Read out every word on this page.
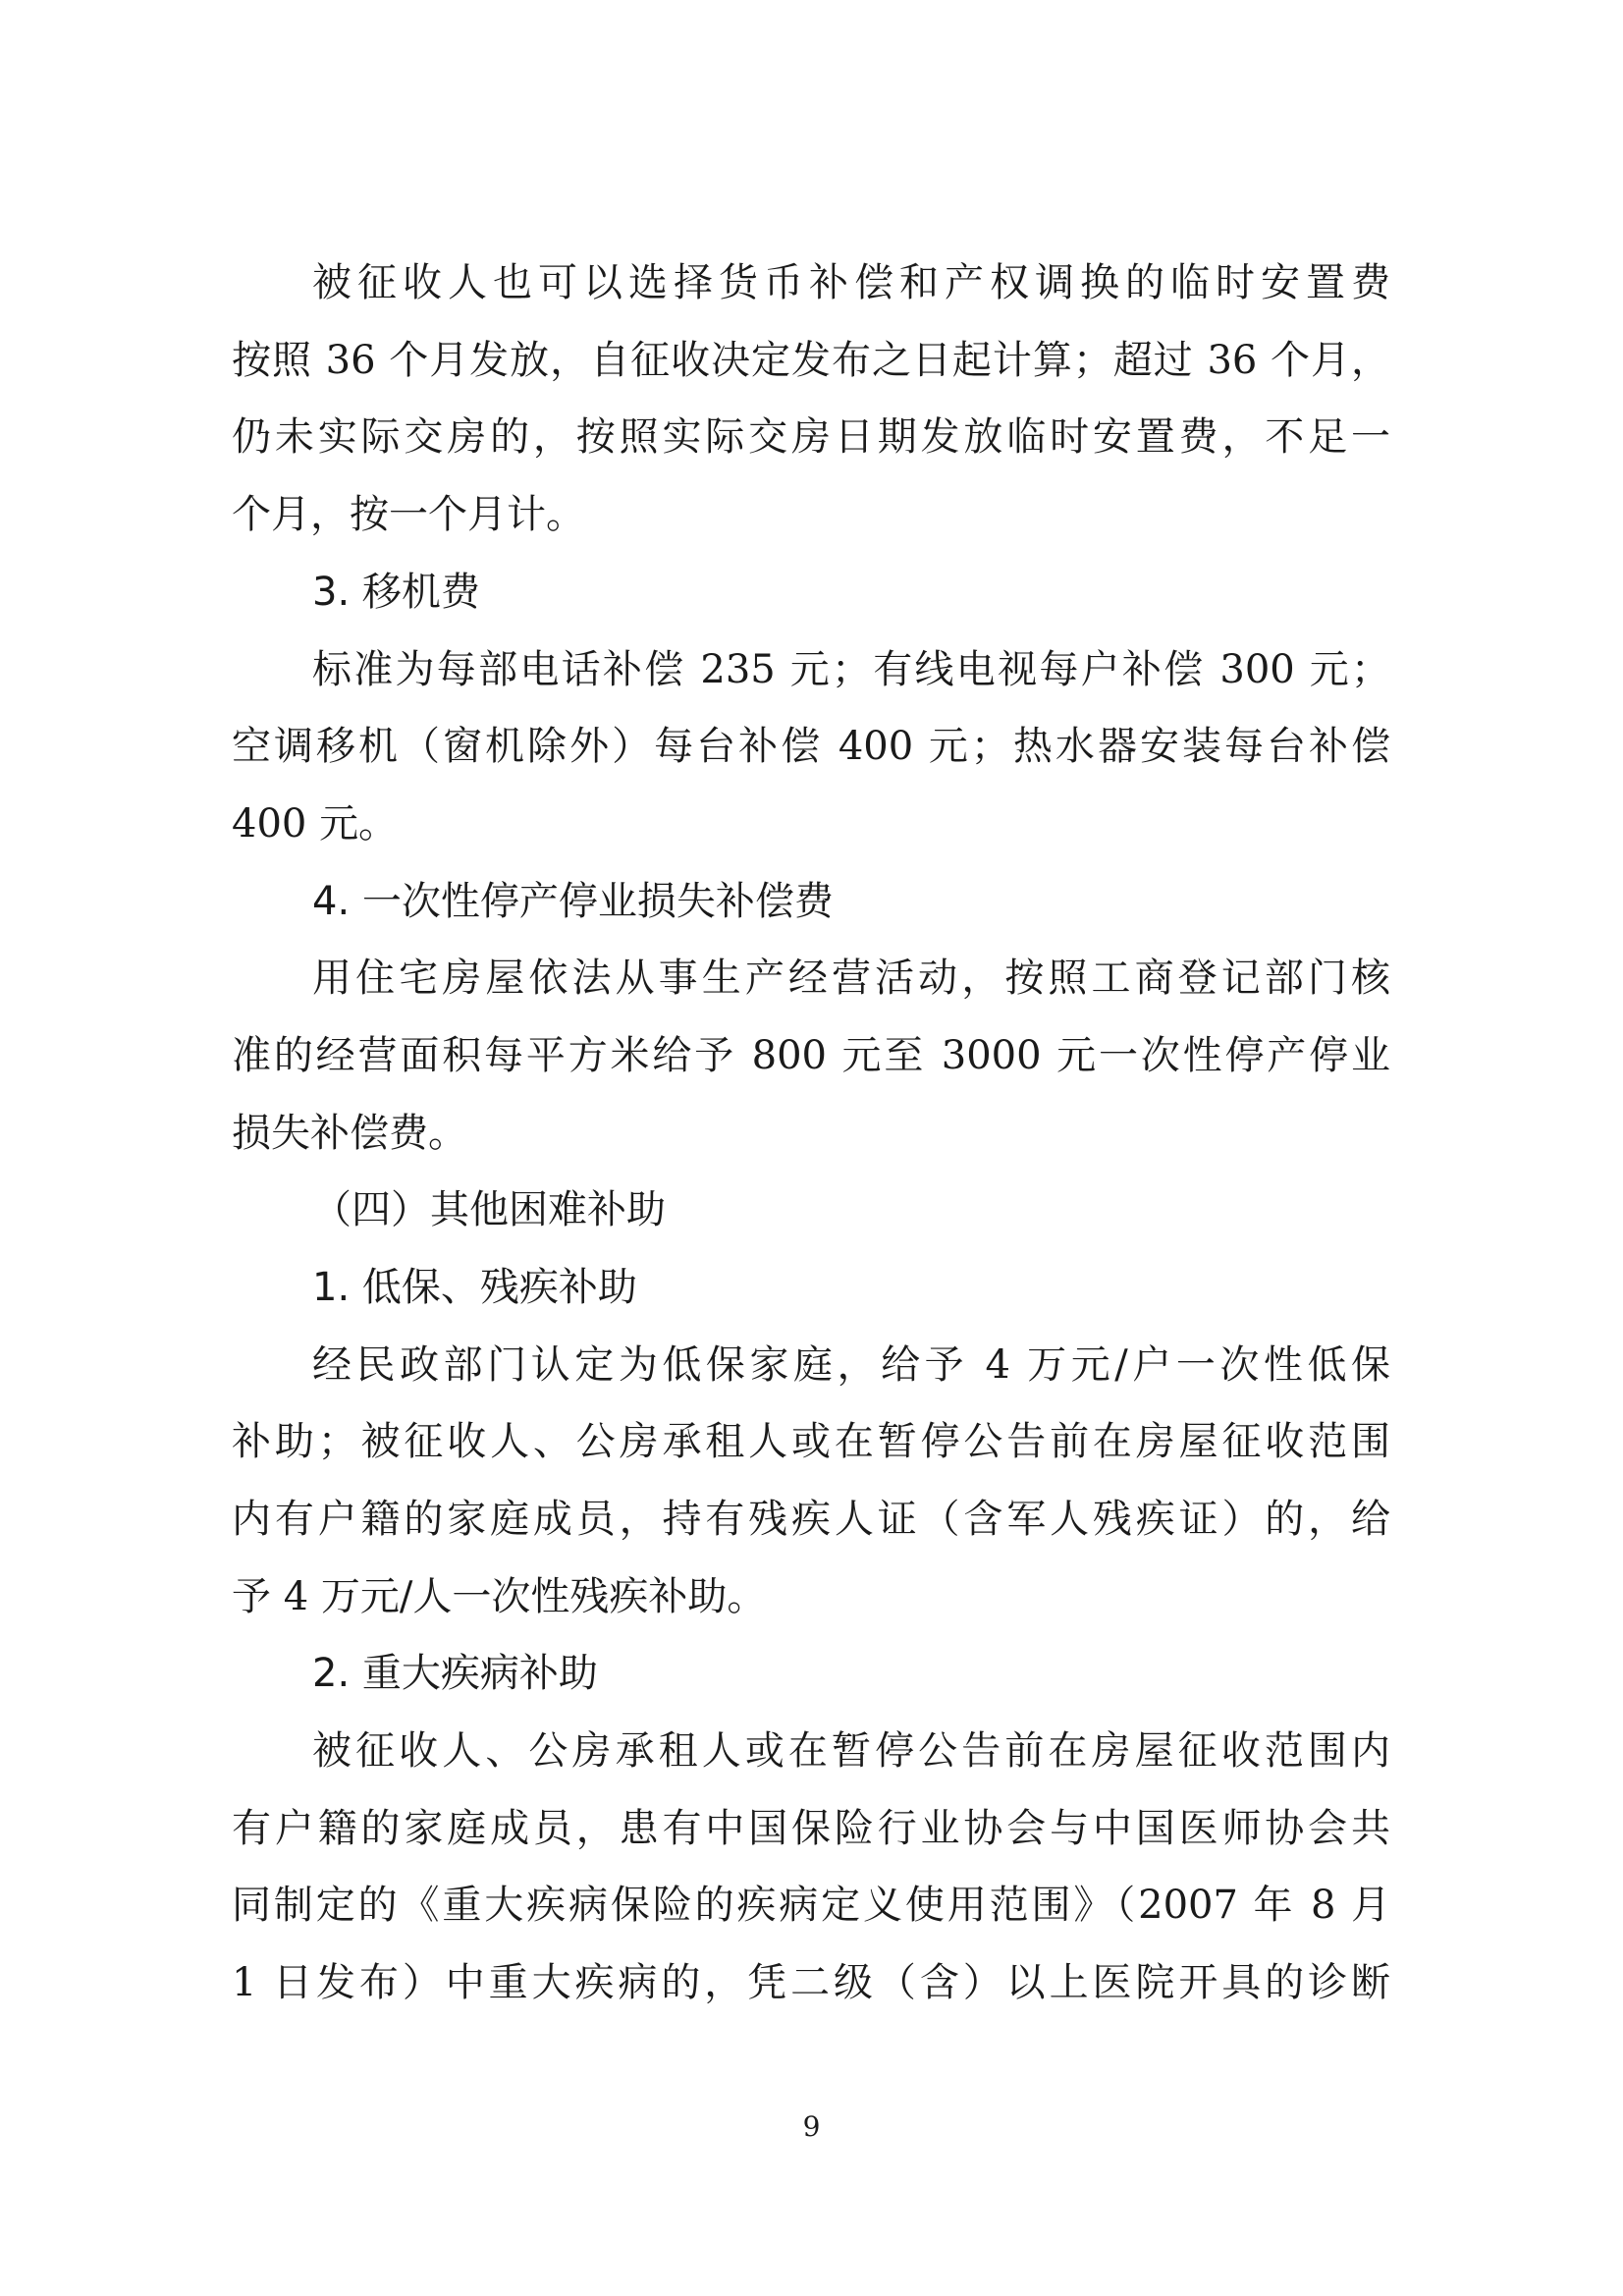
被征收人也可以选择货币补偿和产权调换的临时安置费
按照 36 个月发放，自征收决定发布之日起计算；超过 36 个月，
仍未实际交房的，按照实际交房日期发放临时安置费，不足一
个月，按一个月计。
3. 移机费
标准为每部电话补偿 235 元；有线电视每户补偿 300 元；
空调移机（窗机除外）每台补偿 400 元；热水器安装每台补偿
400 元。
4. 一次性停产停业损失补偿费
用住宅房屋依法从事生产经营活动，按照工商登记部门核
准的经营面积每平方米给予 800 元至 3000 元一次性停产停业
损失补偿费。
（四）其他困难补助
1. 低保、残疾补助
经民政部门认定为低保家庭，给予 4 万元/户一次性低保
补助；被征收人、公房承租人或在暂停公告前在房屋征收范围
内有户籍的家庭成员，持有残疾人证（含军人残疾证）的，给
予 4 万元/人一次性残疾补助。
2. 重大疾病补助
被征收人、公房承租人或在暂停公告前在房屋征收范围内
有户籍的家庭成员，患有中国保险行业协会与中国医师协会共
同制定的《重大疾病保险的疾病定义使用范围》（2007 年 8 月
1 日发布）中重大疾病的，凭二级（含）以上医院开具的诊断
9
